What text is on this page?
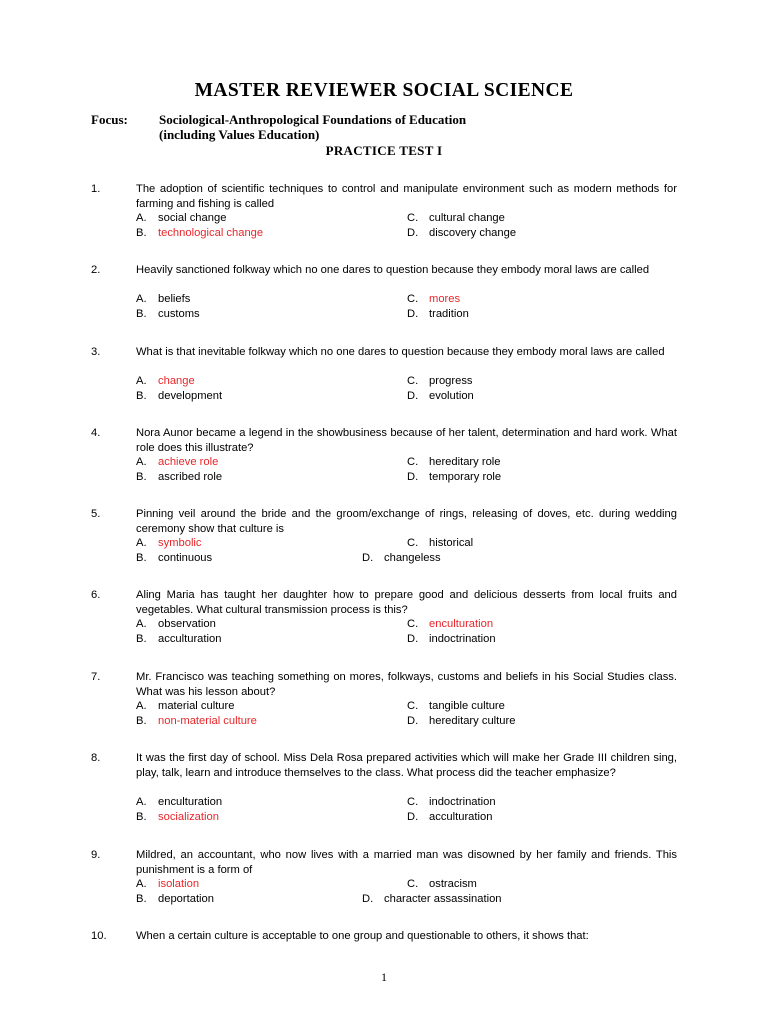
MASTER REVIEWER SOCIAL SCIENCE
Focus: Sociological-Anthropological Foundations of Education
(including Values Education)
PRACTICE TEST I
1.	The adoption of scientific techniques to control and manipulate environment such as modern methods for farming and fishing is called
A. social change	C. cultural change
B. technological change	D. discovery change
2.	Heavily sanctioned folkway which no one dares to question because they embody moral laws are called
A. beliefs	C. mores
B. customs	D. tradition
3.	What is that inevitable folkway which no one dares to question because they embody moral laws are called
A. change	C. progress
B. development	D. evolution
4.	Nora Aunor became a legend in the showbusiness because of her talent, determination and hard work. What role does this illustrate?
A. achieve role	C. hereditary role
B. ascribed role	D. temporary role
5.	Pinning veil around the bride and the groom/exchange of rings, releasing of doves, etc. during wedding ceremony show that culture is
A. symbolic	C. historical
B. continuous	D. changeless
6.	Aling Maria has taught her daughter how to prepare good and delicious desserts from local fruits and vegetables. What cultural transmission process is this?
A. observation	C. enculturation
B. acculturation	D. indoctrination
7.	Mr. Francisco was teaching something on mores, folkways, customs and beliefs in his Social Studies class. What was his lesson about?
A. material culture	C. tangible culture
B. non-material culture	D. hereditary culture
8.	It was the first day of school. Miss Dela Rosa prepared activities which will make her Grade III children sing, play, talk, learn and introduce themselves to the class. What process did the teacher emphasize?
A. enculturation	C. indoctrination
B. socialization	D. acculturation
9.	Mildred, an accountant, who now lives with a married man was disowned by her family and friends. This punishment is a form of
A. isolation	C. ostracism
B. deportation	D. character assassination
10.	When a certain culture is acceptable to one group and questionable to others, it shows that:
1
